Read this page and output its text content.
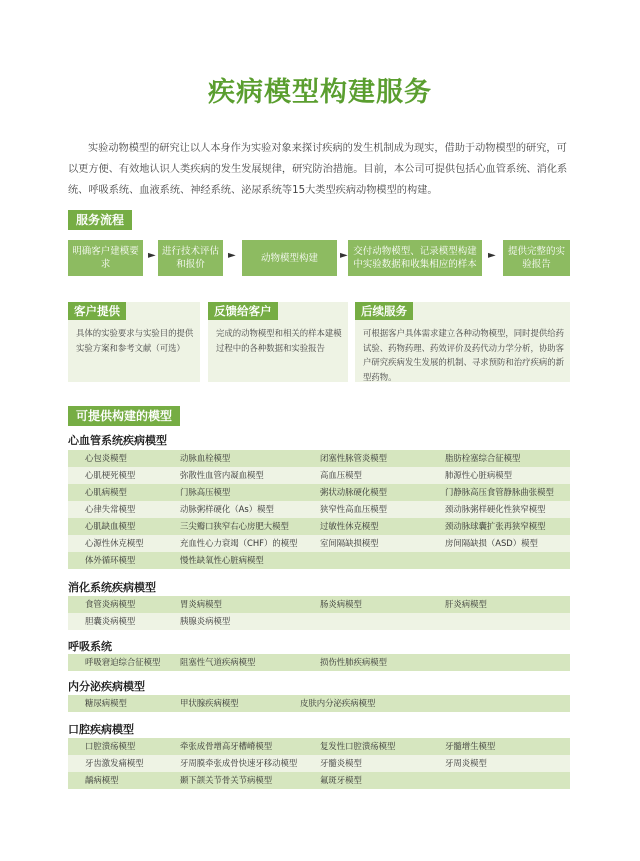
疾病模型构建服务

实验动物模型的研究让以人本身作为实验对象来探讨疾病的发生机制成为现实，借助于动物模型的研究，可以更方便、有效地认识人类疾病的发生发展规律，研究防治措施。目前，本公司可提供包括心血管系统、消化系统、呼吸系统、血液系统、神经系统、泌尿系统等15大类型疾病动物模型的构建。

服务流程
明确客户建模要求
► 进行技术评估和报价
►	动物模型构建	► 交付动物模型、记录模型构建中实验数据和收集相应的样本
►	提供完整的实验报告
客户提供
具体的实验要求与实验目的提供实验方案和参考文献（可选）
反馈给客户
完成的动物模型和相关的样本建模过程中的各种数据和实验报告
后续服务
可根据客户具体需求建立各种动物模型，同时提供给药试验、药物药理、药效评价及药代动力学分析，协助客户研究疾病发生发展的机制、寻求预防和治疗疾病的新型药物。
可提供构建的模型
心血管系统疾病模型
心包炎模型	动脉血栓模型	闭塞性脉管炎模型	脂肪栓塞综合征模型
心肌梗死模型	弥散性血管内凝血模型	高血压模型	肺源性心脏病模型
心肌病模型	门脉高压模型	粥状动脉硬化模型	门静脉高压食管静脉曲张模型
心律失常模型	动脉粥样硬化（As）模型	狭窄性高血压模型	颈动脉粥样硬化性狭窄模型
心肌缺血模型	三尖瓣口狭窄右心房肥大模型	过敏性休克模型	颈动脉球囊扩张再狭窄模型
心源性休克模型	充血性心力衰竭（CHF）的模型	室间隔缺损模型	房间隔缺损（ASD）模型
体外循环模型	慢性缺氧性心脏病模型
消化系统疾病模型
食管炎病模型	胃炎病模型	肠炎病模型	肝炎病模型
胆囊炎病模型	胰腺炎病模型
呼吸系统
呼吸窘迫综合征模型	阻塞性气道疾病模型	损伤性肺疾病模型
内分泌疾病模型
糖尿病模型	甲状腺疾病模型	皮肤内分泌疾病模型
口腔疾病模型
口腔溃疡模型	牵张成骨增高牙槽嵴模型	复发性口腔溃疡模型	牙髓增生模型
牙齿激发痛模型	牙周膜牵张成骨快速牙移动模型	牙髓炎模型	牙周炎模型
龋病模型	颞下颌关节骨关节病模型	氟斑牙模型
